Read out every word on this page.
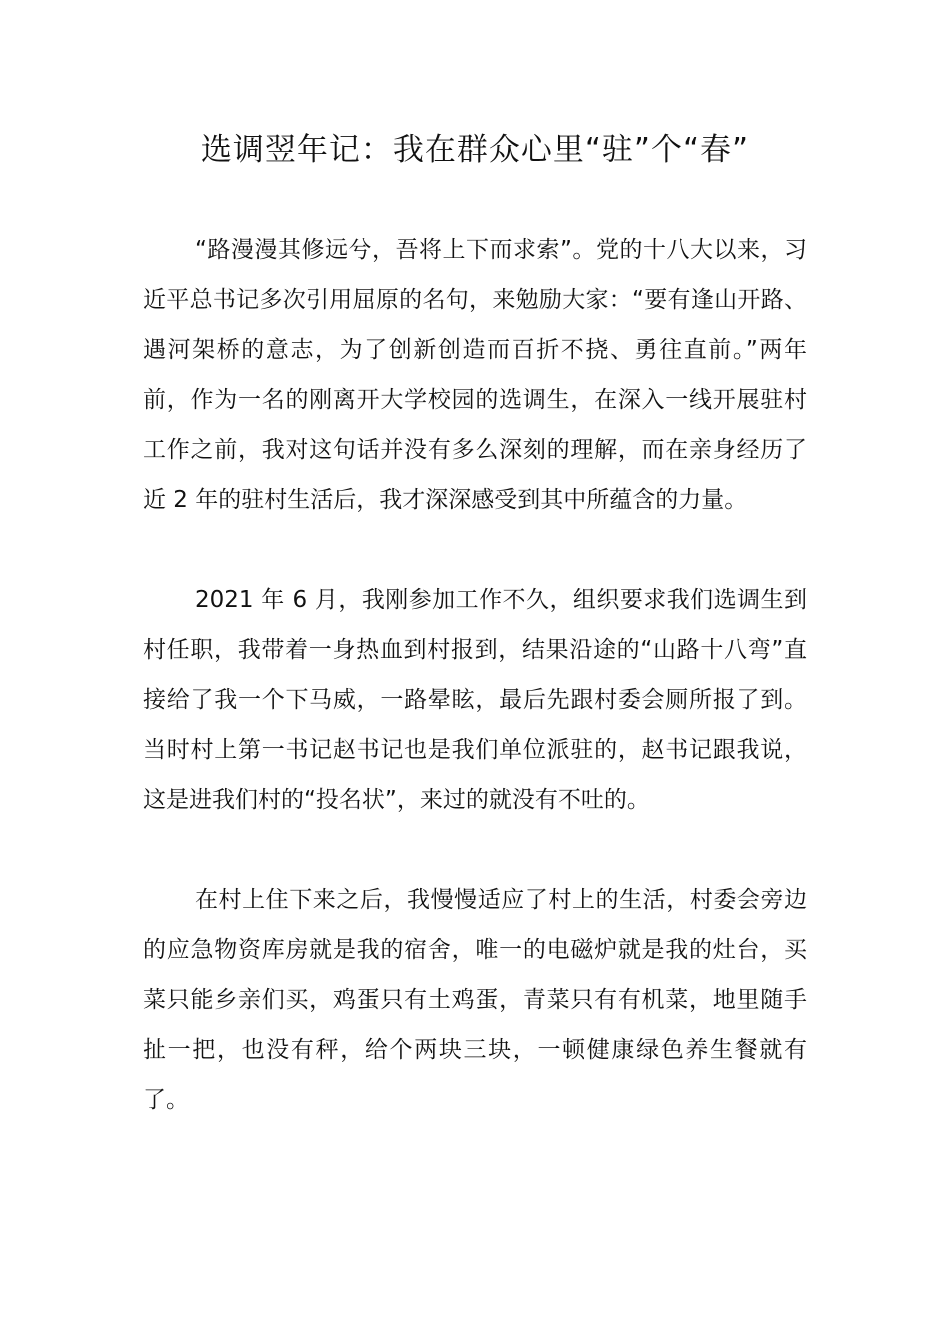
选调翌年记：我在群众心里“驻”个“春”

“路漫漫其修远兮，吾将上下而求索”。党的十八大以来，习近平总书记多次引用屈原的名句，来勉励大家：“要有逢山开路、遇河架桥的意志，为了创新创造而百折不挠、勇往直前。”两年前，作为一名的刚离开大学校园的选调生，在深入一线开展驻村工作之前，我对这句话并没有多么深刻的理解，而在亲身经历了近 2 年的驻村生活后，我才深深感受到其中所蕴含的力量。

2021 年 6 月，我刚参加工作不久，组织要求我们选调生到村任职，我带着一身热血到村报到，结果沿途的“山路十八弯”直接给了我一个下马威，一路晕眩，最后先跟村委会厕所报了到。当时村上第一书记赵书记也是我们单位派驻的，赵书记跟我说，这是进我们村的“投名状”，来过的就没有不吐的。

在村上住下来之后，我慢慢适应了村上的生活，村委会旁边的应急物资库房就是我的宿舍，唯一的电磁炉就是我的灶台，买菜只能乡亲们买，鸡蛋只有土鸡蛋，青菜只有有机菜，地里随手扯一把，也没有秤，给个两块三块，一顿健康绿色养生餐就有了。
